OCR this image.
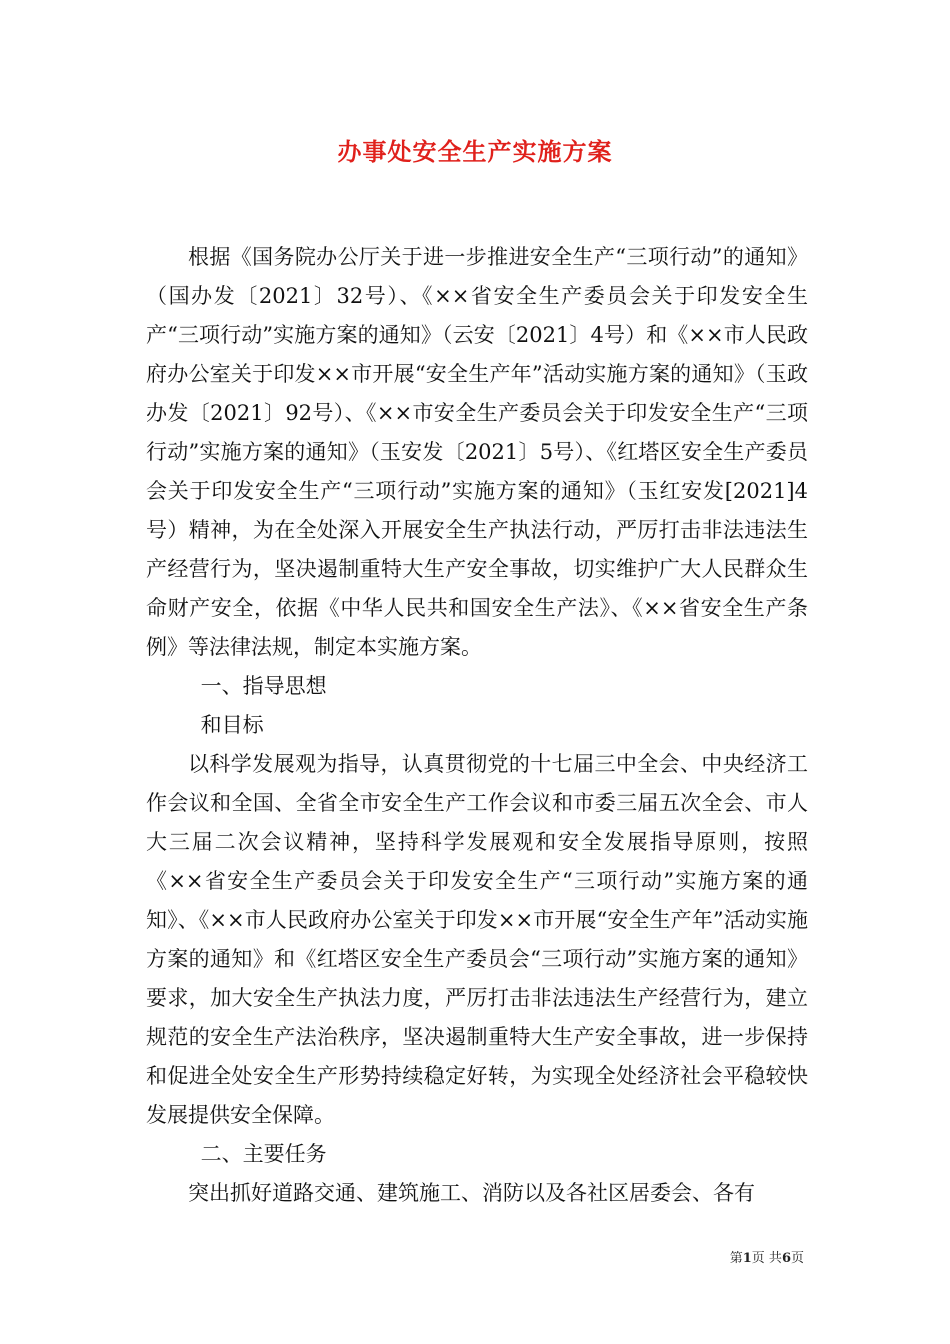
办事处安全生产实施方案

根据《国务院办公厅关于进一步推进安全生产“三项行动”的通知》（国办发〔2021〕32号）、《××省安全生产委员会关于印发安全生产“三项行动”实施方案的通知》（云安〔2021〕4号）和《××市人民政府办公室关于印发××市开展“安全生产年”活动实施方案的通知》（玉政办发〔2021〕92号）、《××市安全生产委员会关于印发安全生产“三项行动”实施方案的通知》（玉安发〔2021〕5号）、《红塔区安全生产委员会关于印发安全生产“三项行动”实施方案的通知》（玉红安发[2021]4号）精神，为在全处深入开展安全生产执法行动，严厉打击非法违法生产经营行为，坚决遏制重特大生产安全事故，切实维护广大人民群众生命财产安全，依据《中华人民共和国安全生产法》、《××省安全生产条例》等法律法规，制定本实施方案。

一、指导思想

和目标

以科学发展观为指导，认真贯彻党的十七届三中全会、中央经济工作会议和全国、全省全市安全生产工作会议和市委三届五次全会、市人大三届二次会议精神，坚持科学发展观和安全发展指导原则，按照《××省安全生产委员会关于印发安全生产“三项行动”实施方案的通知》、《××市人民政府办公室关于印发××市开展“安全生产年”活动实施方案的通知》和《红塔区安全生产委员会“三项行动”实施方案的通知》要求，加大安全生产执法力度，严厉打击非法违法生产经营行为，建立规范的安全生产法治秩序，坚决遏制重特大生产安全事故，进一步保持和促进全处安全生产形势持续稳定好转，为实现全处经济社会平稳较快发展提供安全保障。

二、主要任务

突出抓好道路交通、建筑施工、消防以及各社区居委会、各有

第1页 共6页
